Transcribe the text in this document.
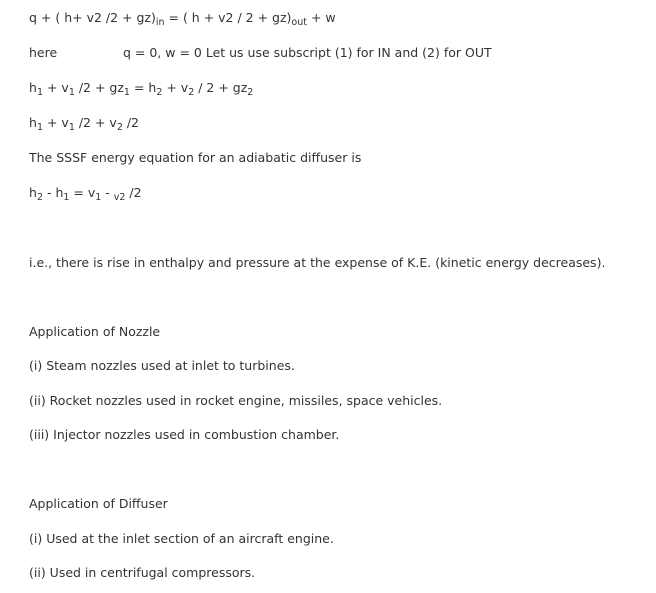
q + ( h+ v2 $/2 + gz)_{in}$ = ( $h + v2 / 2 + gz)_{out} + w$
here	q = 0, w = 0 Let us use subscript (1) for IN and (2) for OUT
$h_1 + v_1$ $/2 + gz_1 = h_2 + v_2 / 2 + gz_2$
$h_1 + v_1$ $/2 + v_2$ /2
The SSSF energy equation for an adiabatic diffuser is
$h_2 - h_1 = v_1 - _{v2}$ /2
i.e., there is rise in enthalpy and pressure at the expense of K.E. (kinetic energy decreases).
Application of Nozzle
(i) Steam nozzles used at inlet to turbines.
(ii) Rocket nozzles used in rocket engine, missiles, space vehicles.
(iii) Injector nozzles used in combustion chamber.
Application of Diffuser
(i) Used at the inlet section of an aircraft engine.
(ii) Used in centrifugal compressors.
